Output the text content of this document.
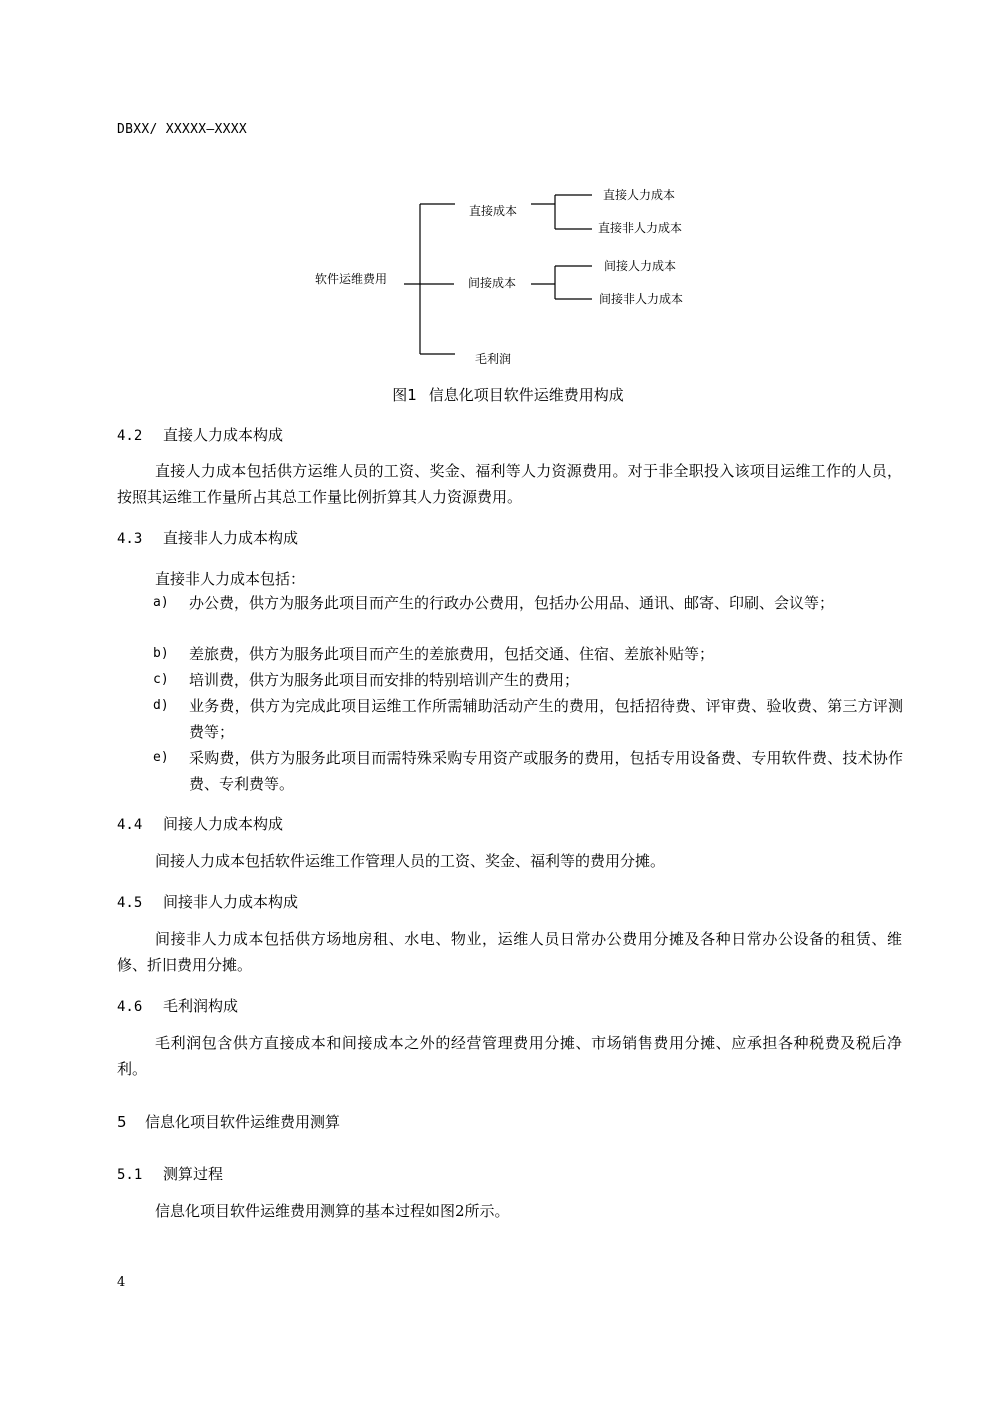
DBXX/ XXXXX—XXXX
软件运维费用
直接成本
直接人力成本
直接非人力成本
间接成本
间接人力成本
间接非人力成本
毛利润
图1 信息化项目软件运维费用构成
4.2 直接人力成本构成
直接人力成本包括供方运维人员的工资、奖金、福利等人力资源费用。对于非全职投入该项目运维工作的人员，按照其运维工作量所占其总工作量比例折算其人力资源费用。
4.3 直接非人力成本构成
直接非人力成本包括：
a)	办公费，供方为服务此项目而产生的行政办公费用，包括办公用品、通讯、邮寄、印刷、会议等；
b)	差旅费，供方为服务此项目而产生的差旅费用，包括交通、住宿、差旅补贴等；
c)	培训费，供方为服务此项目而安排的特别培训产生的费用；
d)	业务费，供方为完成此项目运维工作所需辅助活动产生的费用，包括招待费、评审费、验收费、第三方评测费等；
e)	采购费，供方为服务此项目而需特殊采购专用资产或服务的费用，包括专用设备费、专用软件费、技术协作费、专利费等。
4.4 间接人力成本构成
间接人力成本包括软件运维工作管理人员的工资、奖金、福利等的费用分摊。
4.5 间接非人力成本构成
间接非人力成本包括供方场地房租、水电、物业，运维人员日常办公费用分摊及各种日常办公设备的租赁、维修、折旧费用分摊。
4.6 毛利润构成
毛利润包含供方直接成本和间接成本之外的经营管理费用分摊、市场销售费用分摊、应承担各种税费及税后净利。
5 信息化项目软件运维费用测算
5.1 测算过程
信息化项目软件运维费用测算的基本过程如图2所示。
4
